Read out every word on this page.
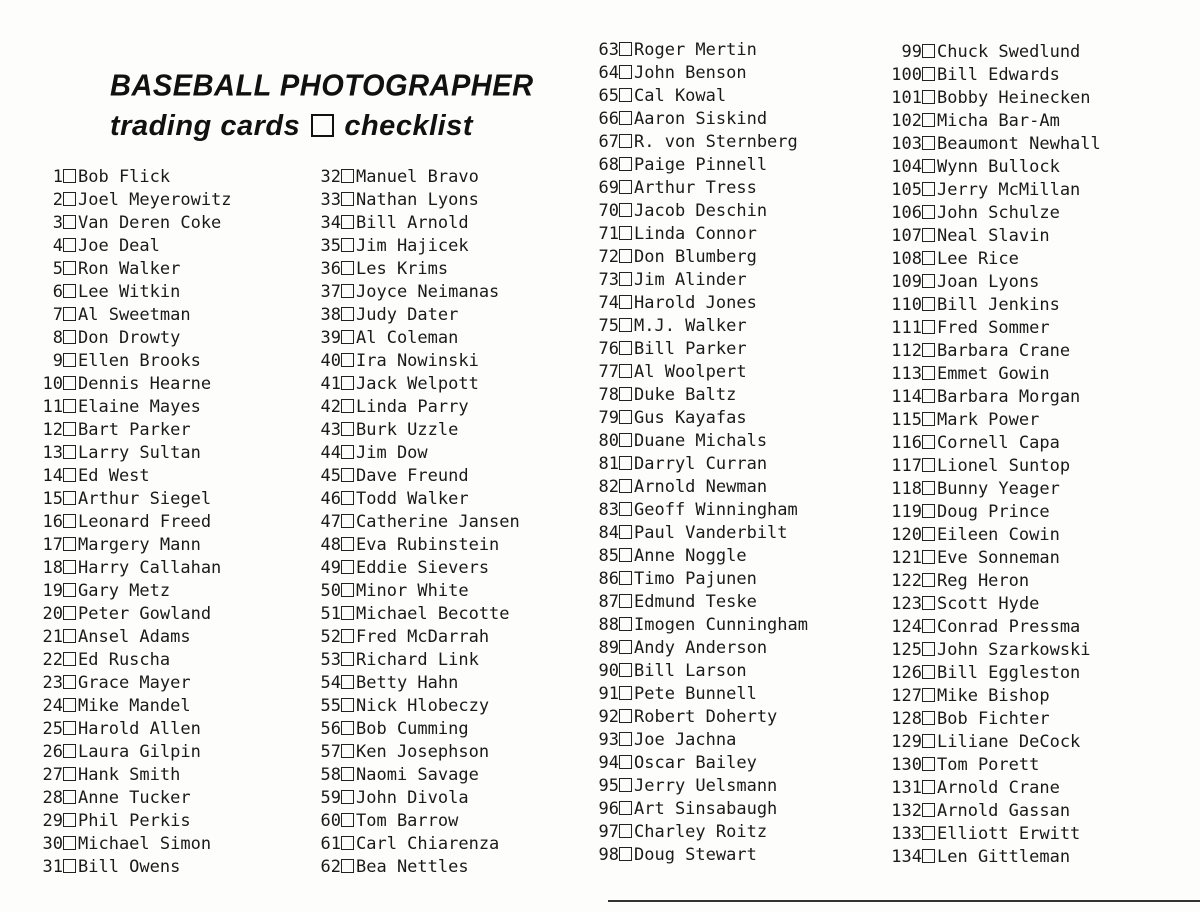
BASEBALL PHOTOGRAPHER
trading cards checklist
1 Bob Flick
2 Joel Meyerowitz
3 Van Deren Coke
4 Joe Deal
5 Ron Walker
6 Lee Witkin
7 Al Sweetman
8 Don Drowty
9 Ellen Brooks
10 Dennis Hearne
11 Elaine Mayes
12 Bart Parker
13 Larry Sultan
14 Ed West
15 Arthur Siegel
16 Leonard Freed
17 Margery Mann
18 Harry Callahan
19 Gary Metz
20 Peter Gowland
21 Ansel Adams
22 Ed Ruscha
23 Grace Mayer
24 Mike Mandel
25 Harold Allen
26 Laura Gilpin
27 Hank Smith
28 Anne Tucker
29 Phil Perkis
30 Michael Simon
31 Bill Owens
32 Manuel Bravo
33 Nathan Lyons
34 Bill Arnold
35 Jim Hajicek
36 Les Krims
37 Joyce Neimanas
38 Judy Dater
39 Al Coleman
40 Ira Nowinski
41 Jack Welpott
42 Linda Parry
43 Burk Uzzle
44 Jim Dow
45 Dave Freund
46 Todd Walker
47 Catherine Jansen
48 Eva Rubinstein
49 Eddie Sievers
50 Minor White
51 Michael Becotte
52 Fred McDarrah
53 Richard Link
54 Betty Hahn
55 Nick Hlobeczy
56 Bob Cumming
57 Ken Josephson
58 Naomi Savage
59 John Divola
60 Tom Barrow
61 Carl Chiarenza
62 Bea Nettles
63 Roger Mertin
64 John Benson
65 Cal Kowal
66 Aaron Siskind
67 R. von Sternberg
68 Paige Pinnell
69 Arthur Tress
70 Jacob Deschin
71 Linda Connor
72 Don Blumberg
73 Jim Alinder
74 Harold Jones
75 M.J. Walker
76 Bill Parker
77 Al Woolpert
78 Duke Baltz
79 Gus Kayafas
80 Duane Michals
81 Darryl Curran
82 Arnold Newman
83 Geoff Winningham
84 Paul Vanderbilt
85 Anne Noggle
86 Timo Pajunen
87 Edmund Teske
88 Imogen Cunningham
89 Andy Anderson
90 Bill Larson
91 Pete Bunnell
92 Robert Doherty
93 Joe Jachna
94 Oscar Bailey
95 Jerry Uelsmann
96 Art Sinsabaugh
97 Charley Roitz
98 Doug Stewart
99 Chuck Swedlund
100 Bill Edwards
101 Bobby Heinecken
102 Micha Bar-Am
103 Beaumont Newhall
104 Wynn Bullock
105 Jerry McMillan
106 John Schulze
107 Neal Slavin
108 Lee Rice
109 Joan Lyons
110 Bill Jenkins
111 Fred Sommer
112 Barbara Crane
113 Emmet Gowin
114 Barbara Morgan
115 Mark Power
116 Cornell Capa
117 Lionel Suntop
118 Bunny Yeager
119 Doug Prince
120 Eileen Cowin
121 Eve Sonneman
122 Reg Heron
123 Scott Hyde
124 Conrad Pressma
125 John Szarkowski
126 Bill Eggleston
127 Mike Bishop
128 Bob Fichter
129 Liliane DeCock
130 Tom Porett
131 Arnold Crane
132 Arnold Gassan
133 Elliott Erwitt
134 Len Gittleman
